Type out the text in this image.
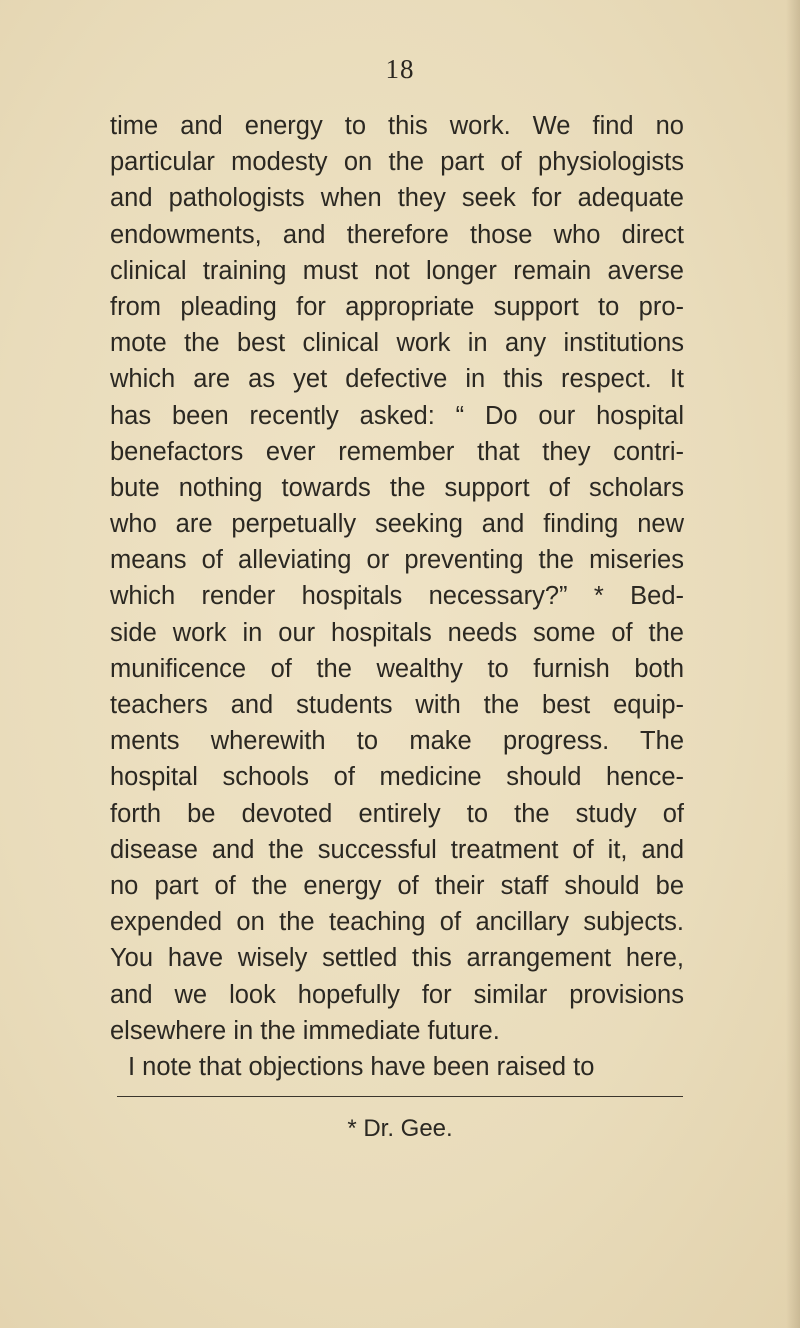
18
time and energy to this work. We find no
particular modesty on the part of physiologists
and pathologists when they seek for adequate
endowments, and therefore those who direct
clinical training must not longer remain averse
from pleading for appropriate support to pro-
mote the best clinical work in any institutions
which are as yet defective in this respect. It
has been recently asked: “ Do our hospital
benefactors ever remember that they contri-
bute nothing towards the support of scholars
who are perpetually seeking and finding new
means of alleviating or preventing the miseries
which render hospitals necessary?” * Bed-
side work in our hospitals needs some of the
munificence of the wealthy to furnish both
teachers and students with the best equip-
ments wherewith to make progress. The
hospital schools of medicine should hence-
forth be devoted entirely to the study of
disease and the successful treatment of it, and
no part of the energy of their staff should be
expended on the teaching of ancillary subjects.
You have wisely settled this arrangement here,
and we look hopefully for similar provisions
elsewhere in the immediate future.
I note that objections have been raised to
* Dr. Gee.
